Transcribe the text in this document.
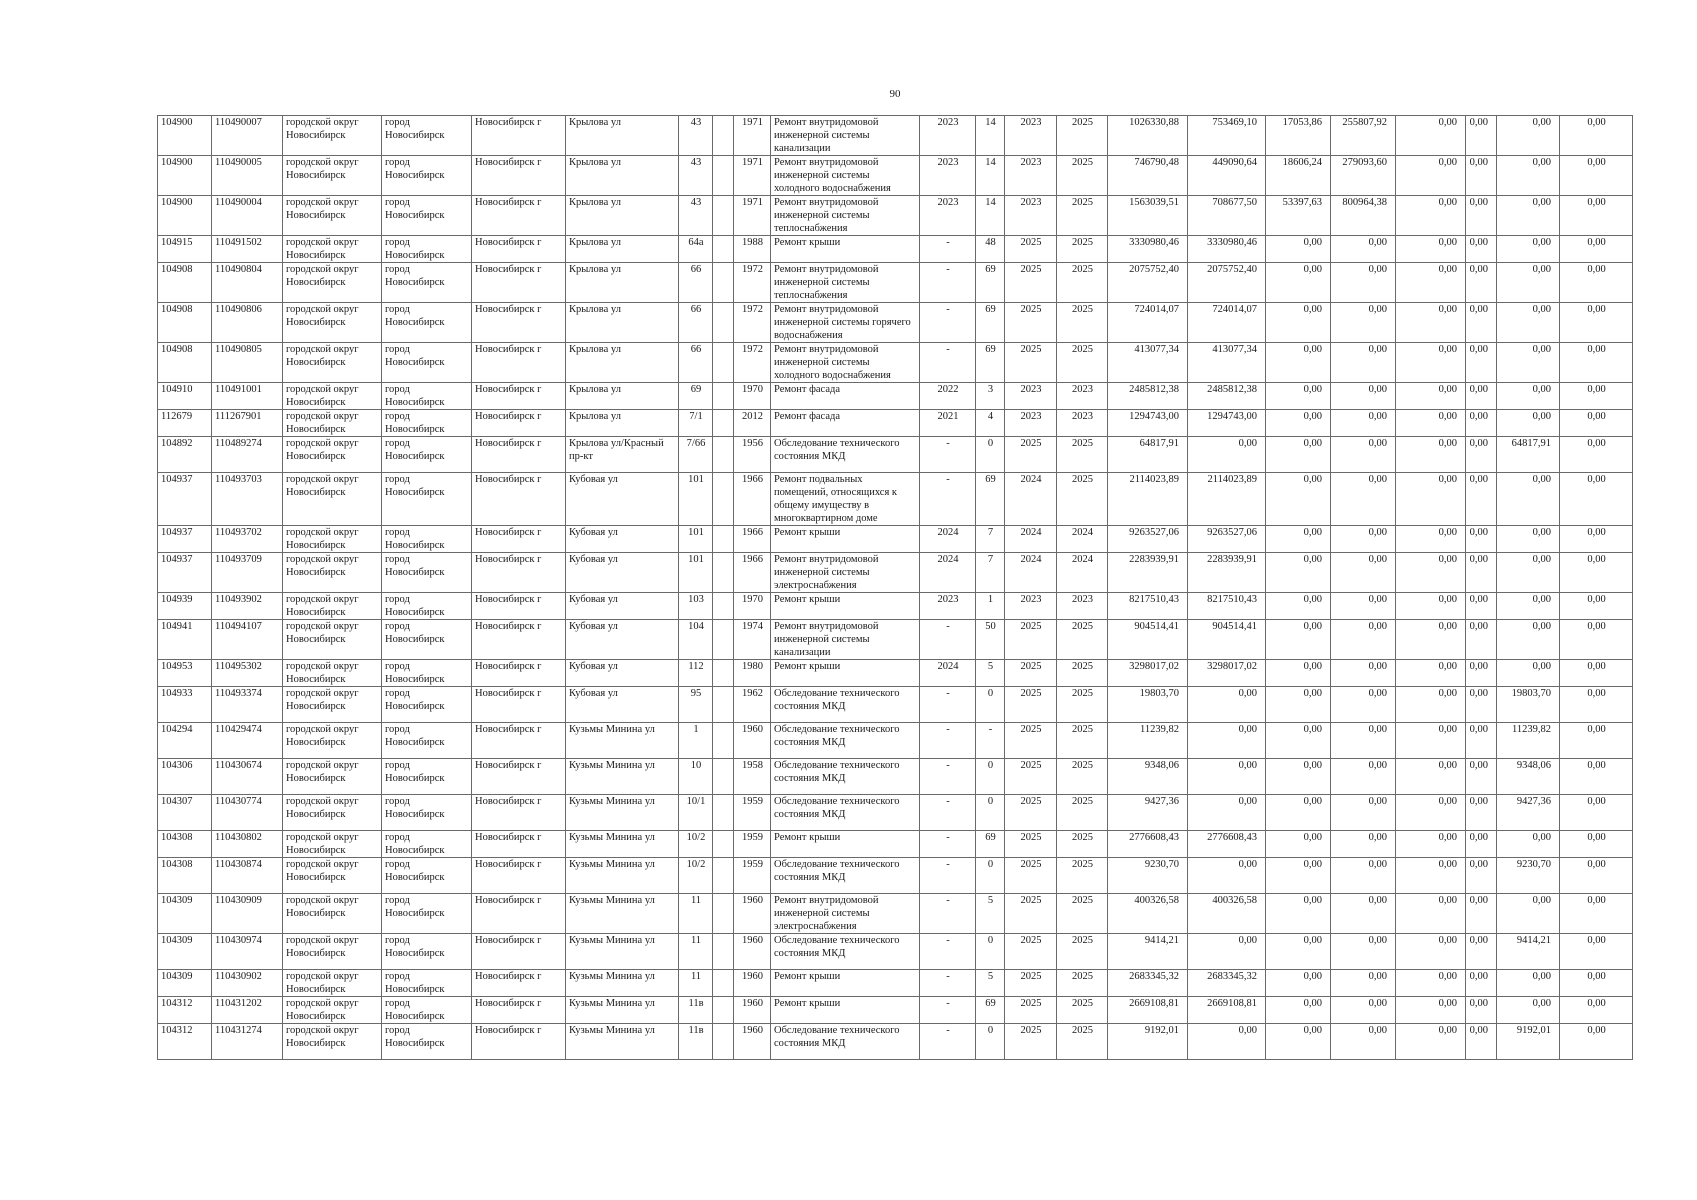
90
104900	110490007	городской округ Новосибирск	город Новосибирск	Новосибирск г	Крылова ул	43		1971	Ремонт внутридомовой инженерной системы канализации	2023	14	2023	2025	1026330,88	753469,10	17053,86	255807,92	0,00	0,00	0,00	0,00
104900	110490005	городской округ Новосибирск	город Новосибирск	Новосибирск г	Крылова ул	43		1971	Ремонт внутридомовой инженерной системы холодного водоснабжения	2023	14	2023	2025	746790,48	449090,64	18606,24	279093,60	0,00	0,00	0,00	0,00
104900	110490004	городской округ Новосибирск	город Новосибирск	Новосибирск г	Крылова ул	43		1971	Ремонт внутридомовой инженерной системы теплоснабжения	2023	14	2023	2025	1563039,51	708677,50	53397,63	800964,38	0,00	0,00	0,00	0,00
104915	110491502	городской округ Новосибирск	город Новосибирск	Новосибирск г	Крылова ул	64а		1988	Ремонт крыши	-	48	2025	2025	3330980,46	3330980,46	0,00	0,00	0,00	0,00	0,00	0,00
104908	110490804	городской округ Новосибирск	город Новосибирск	Новосибирск г	Крылова ул	66		1972	Ремонт внутридомовой инженерной системы теплоснабжения	-	69	2025	2025	2075752,40	2075752,40	0,00	0,00	0,00	0,00	0,00	0,00
104908	110490806	городской округ Новосибирск	город Новосибирск	Новосибирск г	Крылова ул	66		1972	Ремонт внутридомовой инженерной системы горячего водоснабжения	-	69	2025	2025	724014,07	724014,07	0,00	0,00	0,00	0,00	0,00	0,00
104908	110490805	городской округ Новосибирск	город Новосибирск	Новосибирск г	Крылова ул	66		1972	Ремонт внутридомовой инженерной системы холодного водоснабжения	-	69	2025	2025	413077,34	413077,34	0,00	0,00	0,00	0,00	0,00	0,00
104910	110491001	городской округ Новосибирск	город Новосибирск	Новосибирск г	Крылова ул	69		1970	Ремонт фасада	2022	3	2023	2023	2485812,38	2485812,38	0,00	0,00	0,00	0,00	0,00	0,00
112679	111267901	городской округ Новосибирск	город Новосибирск	Новосибирск г	Крылова ул	7/1		2012	Ремонт фасада	2021	4	2023	2023	1294743,00	1294743,00	0,00	0,00	0,00	0,00	0,00	0,00
104892	110489274	городской округ Новосибирск	город Новосибирск	Новосибирск г	Крылова ул/Красный пр-кт	7/66		1956	Обследование технического состояния МКД	-	0	2025	2025	64817,91	0,00	0,00	0,00	0,00	0,00	64817,91	0,00
104937	110493703	городской округ Новосибирск	город Новосибирск	Новосибирск г	Кубовая ул	101		1966	Ремонт подвальных помещений, относящихся к общему имуществу в многоквартирном доме	-	69	2024	2025	2114023,89	2114023,89	0,00	0,00	0,00	0,00	0,00	0,00
104937	110493702	городской округ Новосибирск	город Новосибирск	Новосибирск г	Кубовая ул	101		1966	Ремонт крыши	2024	7	2024	2024	9263527,06	9263527,06	0,00	0,00	0,00	0,00	0,00	0,00
104937	110493709	городской округ Новосибирск	город Новосибирск	Новосибирск г	Кубовая ул	101		1966	Ремонт внутридомовой инженерной системы электроснабжения	2024	7	2024	2024	2283939,91	2283939,91	0,00	0,00	0,00	0,00	0,00	0,00
104939	110493902	городской округ Новосибирск	город Новосибирск	Новосибирск г	Кубовая ул	103		1970	Ремонт крыши	2023	1	2023	2023	8217510,43	8217510,43	0,00	0,00	0,00	0,00	0,00	0,00
104941	110494107	городской округ Новосибирск	город Новосибирск	Новосибирск г	Кубовая ул	104		1974	Ремонт внутридомовой инженерной системы канализации	-	50	2025	2025	904514,41	904514,41	0,00	0,00	0,00	0,00	0,00	0,00
104953	110495302	городской округ Новосибирск	город Новосибирск	Новосибирск г	Кубовая ул	112		1980	Ремонт крыши	2024	5	2025	2025	3298017,02	3298017,02	0,00	0,00	0,00	0,00	0,00	0,00
104933	110493374	городской округ Новосибирск	город Новосибирск	Новосибирск г	Кубовая ул	95		1962	Обследование технического состояния МКД	-	0	2025	2025	19803,70	0,00	0,00	0,00	0,00	0,00	19803,70	0,00
104294	110429474	городской округ Новосибирск	город Новосибирск	Новосибирск г	Кузьмы Минина ул	1		1960	Обследование технического состояния МКД	-	-	2025	2025	11239,82	0,00	0,00	0,00	0,00	0,00	11239,82	0,00
104306	110430674	городской округ Новосибирск	город Новосибирск	Новосибирск г	Кузьмы Минина ул	10		1958	Обследование технического состояния МКД	-	0	2025	2025	9348,06	0,00	0,00	0,00	0,00	0,00	9348,06	0,00
104307	110430774	городской округ Новосибирск	город Новосибирск	Новосибирск г	Кузьмы Минина ул	10/1		1959	Обследование технического состояния МКД	-	0	2025	2025	9427,36	0,00	0,00	0,00	0,00	0,00	9427,36	0,00
104308	110430802	городской округ Новосибирск	город Новосибирск	Новосибирск г	Кузьмы Минина ул	10/2		1959	Ремонт крыши	-	69	2025	2025	2776608,43	2776608,43	0,00	0,00	0,00	0,00	0,00	0,00
104308	110430874	городской округ Новосибирск	город Новосибирск	Новосибирск г	Кузьмы Минина ул	10/2		1959	Обследование технического состояния МКД	-	0	2025	2025	9230,70	0,00	0,00	0,00	0,00	0,00	9230,70	0,00
104309	110430909	городской округ Новосибирск	город Новосибирск	Новосибирск г	Кузьмы Минина ул	11		1960	Ремонт внутридомовой инженерной системы электроснабжения	-	5	2025	2025	400326,58	400326,58	0,00	0,00	0,00	0,00	0,00	0,00
104309	110430974	городской округ Новосибирск	город Новосибирск	Новосибирск г	Кузьмы Минина ул	11		1960	Обследование технического состояния МКД	-	0	2025	2025	9414,21	0,00	0,00	0,00	0,00	0,00	9414,21	0,00
104309	110430902	городской округ Новосибирск	город Новосибирск	Новосибирск г	Кузьмы Минина ул	11		1960	Ремонт крыши	-	5	2025	2025	2683345,32	2683345,32	0,00	0,00	0,00	0,00	0,00	0,00
104312	110431202	городской округ Новосибирск	город Новосибирск	Новосибирск г	Кузьмы Минина ул	11в		1960	Ремонт крыши	-	69	2025	2025	2669108,81	2669108,81	0,00	0,00	0,00	0,00	0,00	0,00
104312	110431274	городской округ Новосибирск	город Новосибирск	Новосибирск г	Кузьмы Минина ул	11в		1960	Обследование технического состояния МКД	-	0	2025	2025	9192,01	0,00	0,00	0,00	0,00	0,00	9192,01	0,00
